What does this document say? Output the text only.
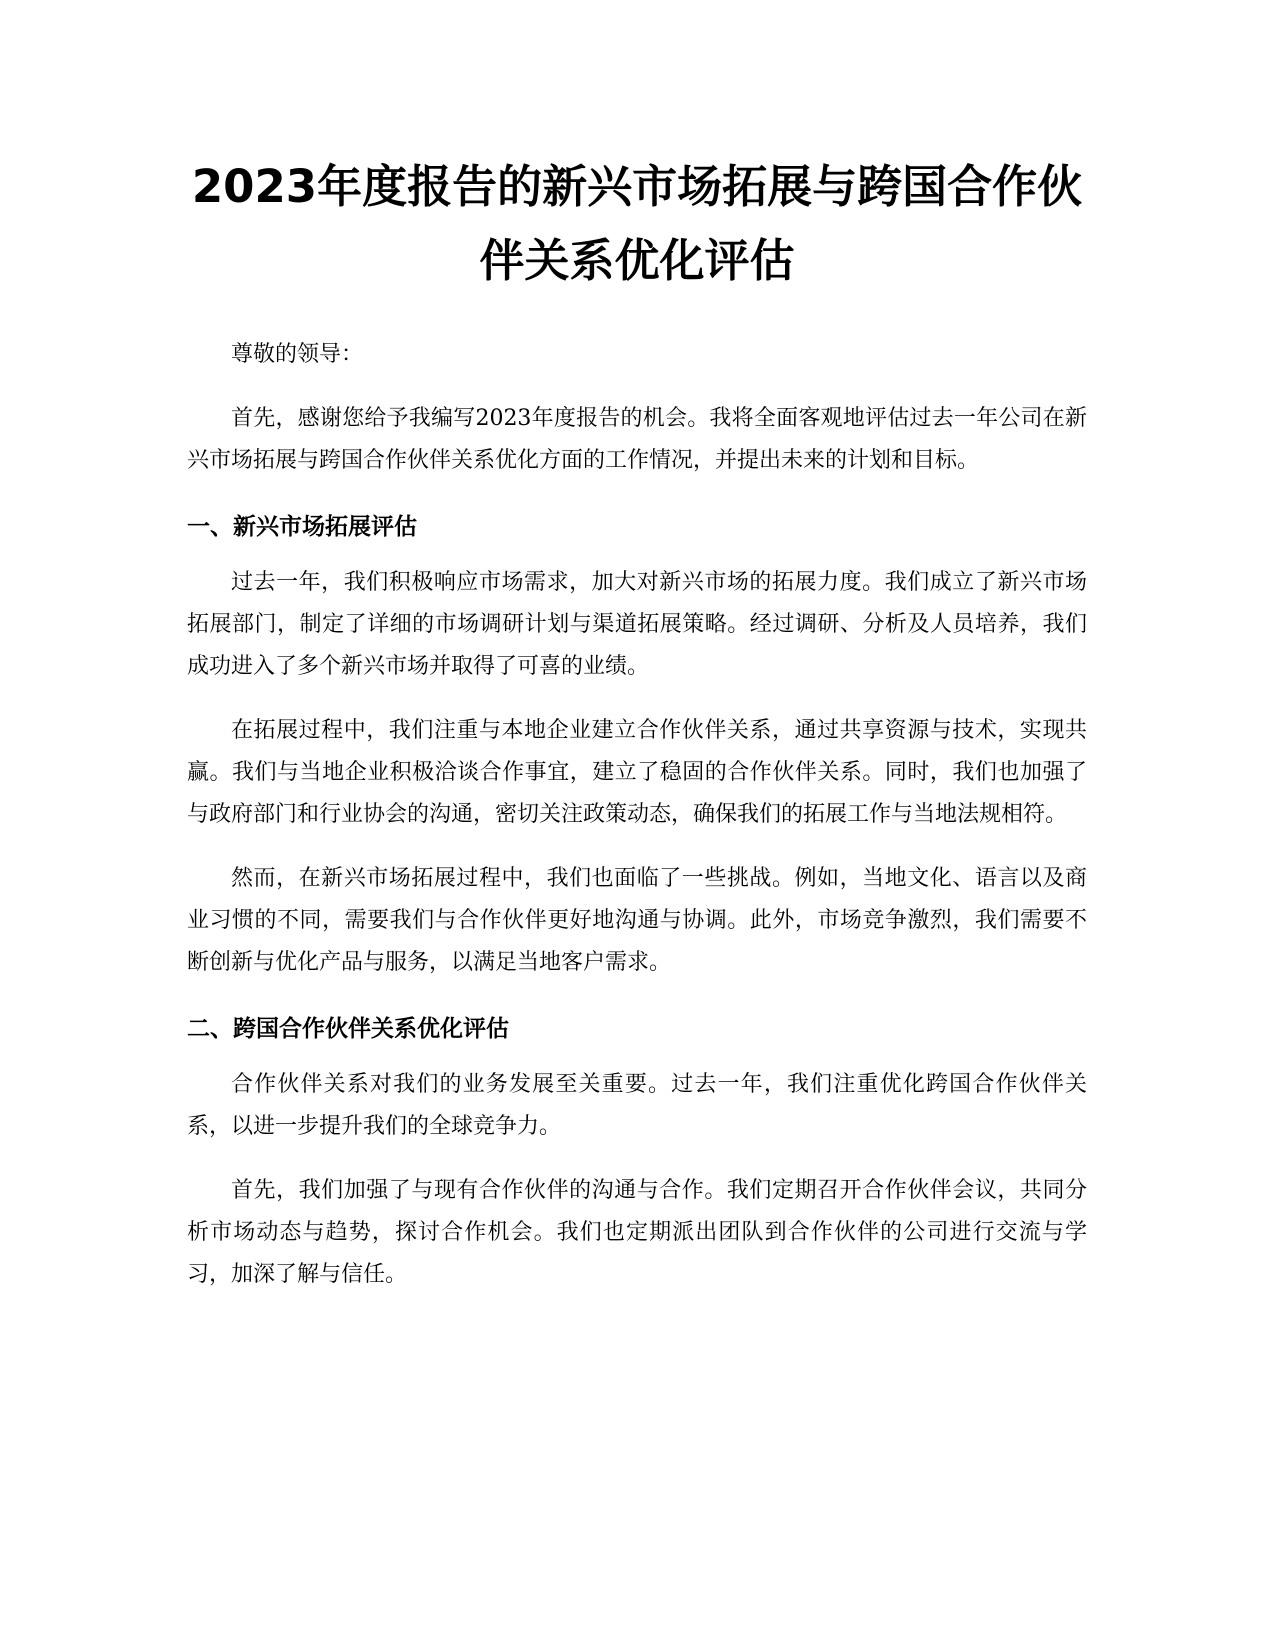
2023年度报告的新兴市场拓展与跨国合作伙
伴关系优化评估

尊敬的领导：

首先，感谢您给予我编写2023年度报告的机会。我将全面客观地评估过去一年公司在新兴市场拓展与跨国合作伙伴关系优化方面的工作情况，并提出未来的计划和目标。

一、新兴市场拓展评估

过去一年，我们积极响应市场需求，加大对新兴市场的拓展力度。我们成立了新兴市场拓展部门，制定了详细的市场调研计划与渠道拓展策略。经过调研、分析及人员培养，我们成功进入了多个新兴市场并取得了可喜的业绩。

在拓展过程中，我们注重与本地企业建立合作伙伴关系，通过共享资源与技术，实现共赢。我们与当地企业积极洽谈合作事宜，建立了稳固的合作伙伴关系。同时，我们也加强了与政府部门和行业协会的沟通，密切关注政策动态，确保我们的拓展工作与当地法规相符。

然而，在新兴市场拓展过程中，我们也面临了一些挑战。例如，当地文化、语言以及商业习惯的不同，需要我们与合作伙伴更好地沟通与协调。此外，市场竞争激烈，我们需要不断创新与优化产品与服务，以满足当地客户需求。

二、跨国合作伙伴关系优化评估

合作伙伴关系对我们的业务发展至关重要。过去一年，我们注重优化跨国合作伙伴关系，以进一步提升我们的全球竞争力。

首先，我们加强了与现有合作伙伴的沟通与合作。我们定期召开合作伙伴会议，共同分析市场动态与趋势，探讨合作机会。我们也定期派出团队到合作伙伴的公司进行交流与学习，加深了解与信任。
